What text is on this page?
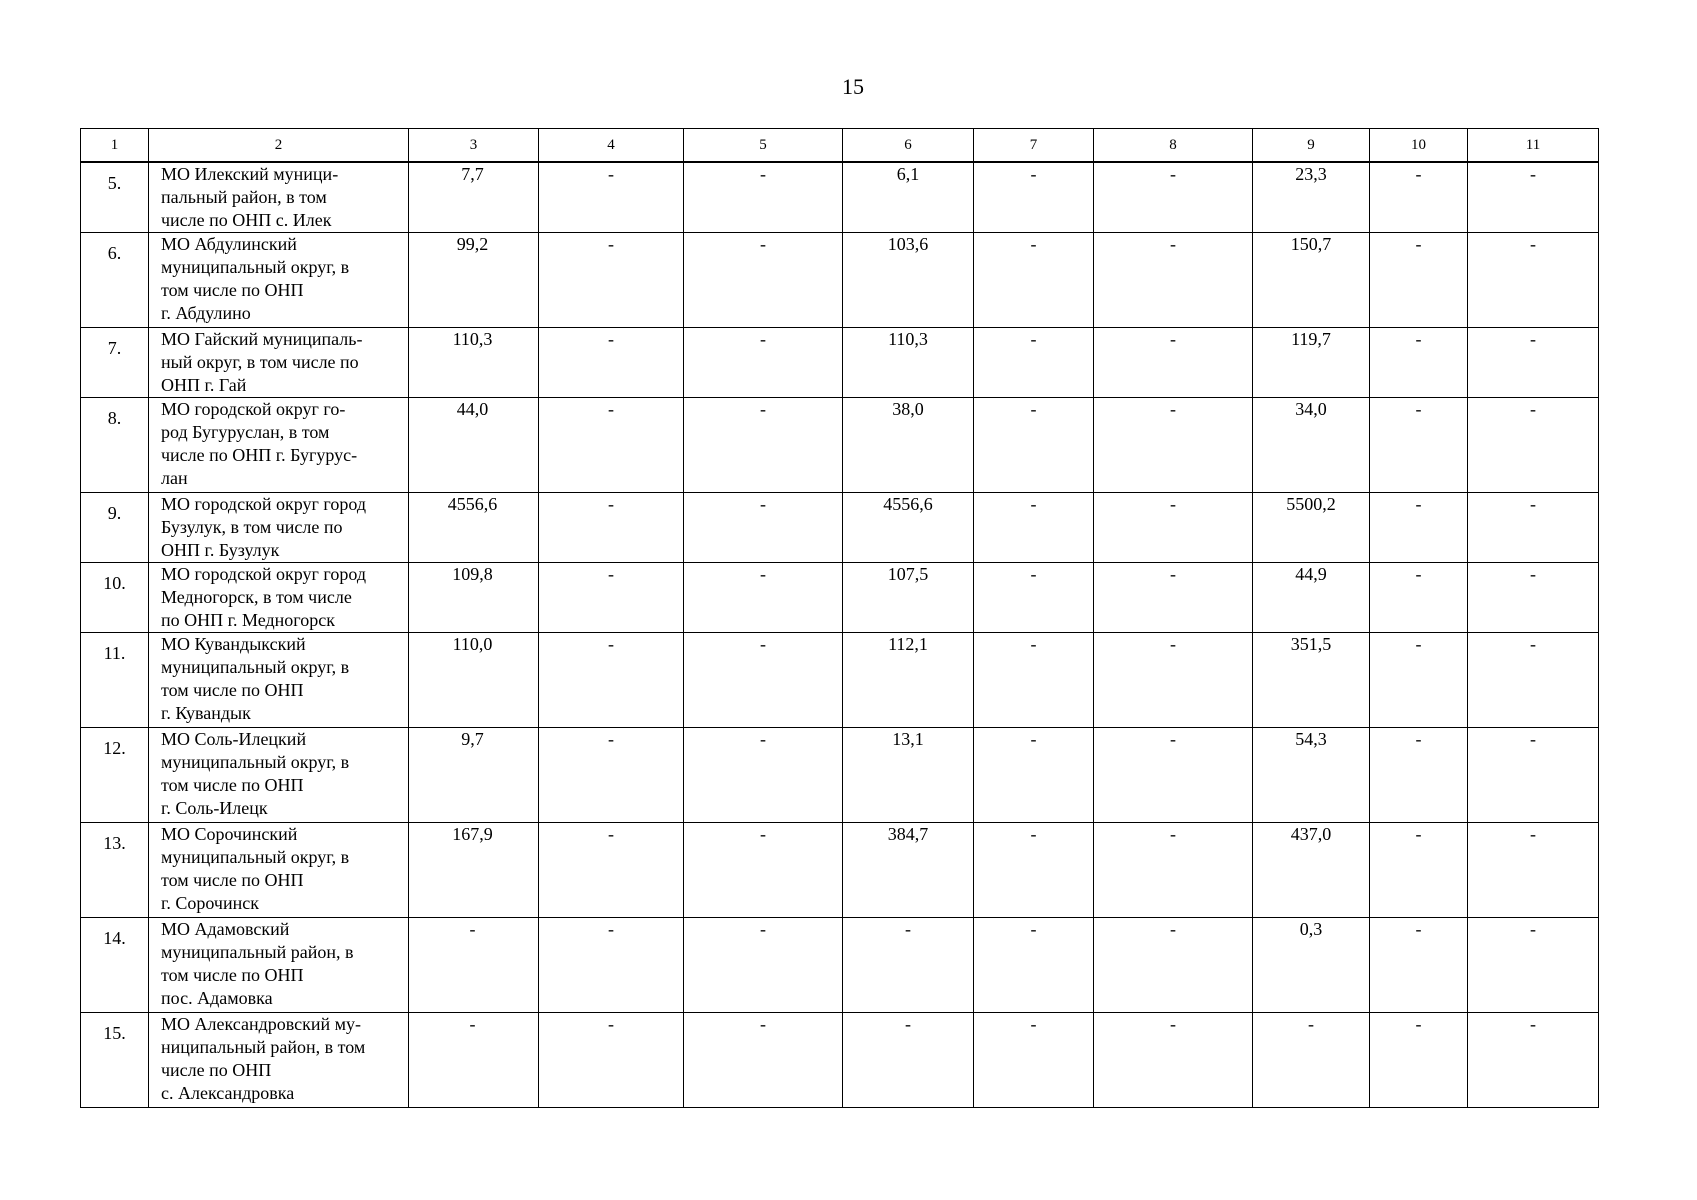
15
1	2	3	4	5	6	7	8	9	10	11
5.	МО Илекский муници-
пальный район, в том
числе по ОНП с. Илек	7,7	-	-	6,1	-	-	23,3	-	-
6.	МО Абдулинский
муниципальный округ, в
том числе по ОНП
г. Абдулино	99,2	-	-	103,6	-	-	150,7	-	-
7.	МО Гайский муниципаль-
ный округ, в том числе по
ОНП г. Гай	110,3	-	-	110,3	-	-	119,7	-	-
8.	МО городской округ го-
род Бугуруслан, в том
числе по ОНП г. Бугурус-
лан	44,0	-	-	38,0	-	-	34,0	-	-
9.	МО городской округ город
Бузулук, в том числе по
ОНП г. Бузулук	4556,6	-	-	4556,6	-	-	5500,2	-	-
10.	МО городской округ город
Медногорск, в том числе
по ОНП г. Медногорск	109,8	-	-	107,5	-	-	44,9	-	-
11.	МО Кувандыкский
муниципальный округ, в
том числе по ОНП
г. Кувандык	110,0	-	-	112,1	-	-	351,5	-	-
12.	МО Соль-Илецкий
муниципальный округ, в
том числе по ОНП
г. Соль-Илецк	9,7	-	-	13,1	-	-	54,3	-	-
13.	МО Сорочинский
муниципальный округ, в
том числе по ОНП
г. Сорочинск	167,9	-	-	384,7	-	-	437,0	-	-
14.	МО Адамовский
муниципальный район, в
том числе по ОНП
пос. Адамовка	-	-	-	-	-	-	0,3	-	-
15.	МО Александровский му-
ниципальный район, в том
числе по ОНП
с. Александровка	-	-	-	-	-	-	-	-	-
